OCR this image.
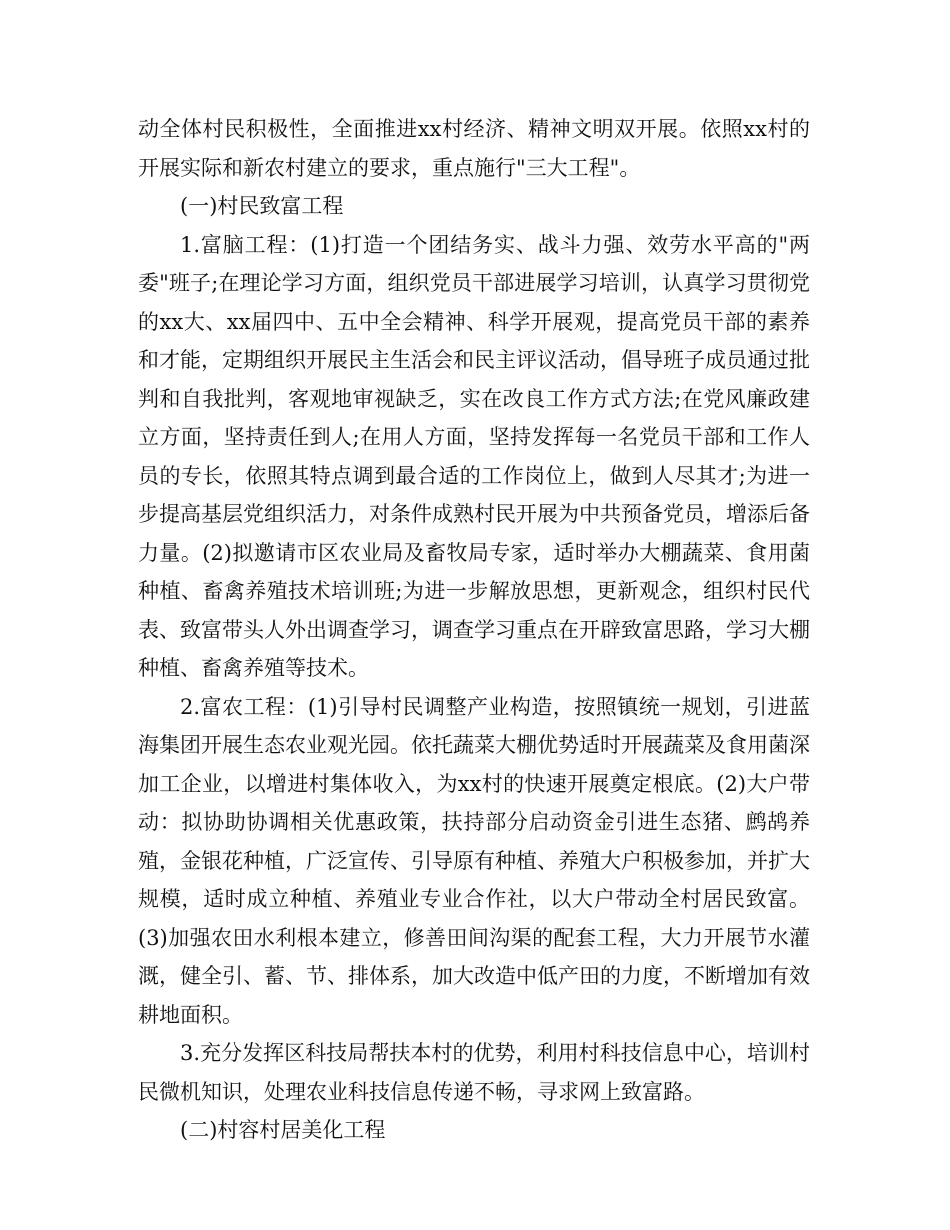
动全体村民积极性，全面推进xx村经济、精神文明双开展。依照xx村的开展实际和新农村建立的要求，重点施行"三大工程"。

(一)村民致富工程

1.富脑工程：(1)打造一个团结务实、战斗力强、效劳水平高的"两委"班子;在理论学习方面，组织党员干部进展学习培训，认真学习贯彻党的xx大、xx届四中、五中全会精神、科学开展观，提高党员干部的素养和才能，定期组织开展民主生活会和民主评议活动，倡导班子成员通过批判和自我批判，客观地审视缺乏，实在改良工作方式方法;在党风廉政建立方面，坚持责任到人;在用人方面，坚持发挥每一名党员干部和工作人员的专长，依照其特点调到最合适的工作岗位上，做到人尽其才;为进一步提高基层党组织活力，对条件成熟村民开展为中共预备党员，增添后备力量。(2)拟邀请市区农业局及畜牧局专家，适时举办大棚蔬菜、食用菌种植、畜禽养殖技术培训班;为进一步解放思想，更新观念，组织村民代表、致富带头人外出调查学习，调查学习重点在开辟致富思路，学习大棚种植、畜禽养殖等技术。

2.富农工程：(1)引导村民调整产业构造，按照镇统一规划，引进蓝海集团开展生态农业观光园。依托蔬菜大棚优势适时开展蔬菜及食用菌深加工企业，以增进村集体收入，为xx村的快速开展奠定根底。(2)大户带动：拟协助协调相关优惠政策，扶持部分启动资金引进生态猪、鹧鸪养殖，金银花种植，广泛宣传、引导原有种植、养殖大户积极参加，并扩大规模，适时成立种植、养殖业专业合作社，以大户带动全村居民致富。(3)加强农田水利根本建立，修善田间沟渠的配套工程，大力开展节水灌溉，健全引、蓄、节、排体系，加大改造中低产田的力度，不断增加有效耕地面积。

3.充分发挥区科技局帮扶本村的优势，利用村科技信息中心，培训村民微机知识，处理农业科技信息传递不畅，寻求网上致富路。

(二)村容村居美化工程
